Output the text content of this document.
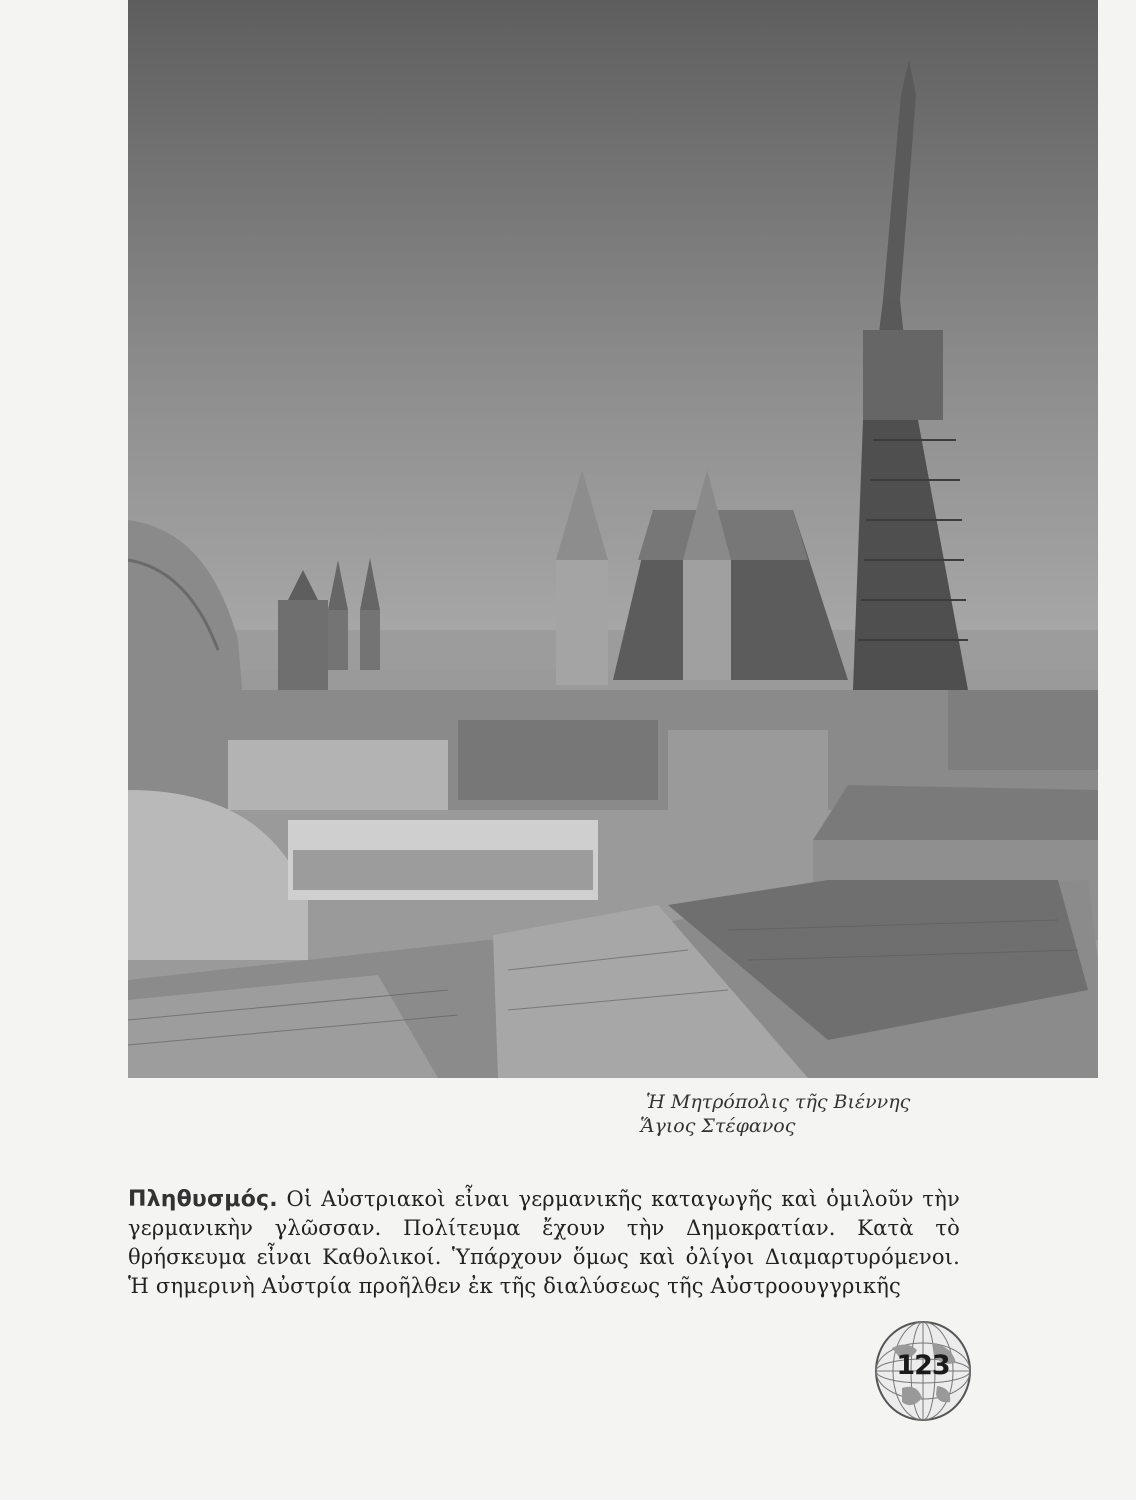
Ἡ Μητρόπολις τῆς Βιέννης
Ἅγιος Στέφανος
Πληθυσμός. Οἱ Αὐστριακοὶ εἶναι γερμανικῆς καταγωγῆς καὶ ὁμιλοῦν τὴν γερμανικὴν γλῶσσαν. Πολίτευμα ἔχουν τὴν Δημοκρατίαν. Κατὰ τὸ θρήσκευμα εἶναι Καθολικοί. Ὑπάρχουν ὅμως καὶ ὀλίγοι Διαμαρτυρόμενοι. Ἡ σημερινὴ Αὐστρία προῆλθεν ἐκ τῆς διαλύσεως τῆς Αὐστροουγγρικῆς
123
